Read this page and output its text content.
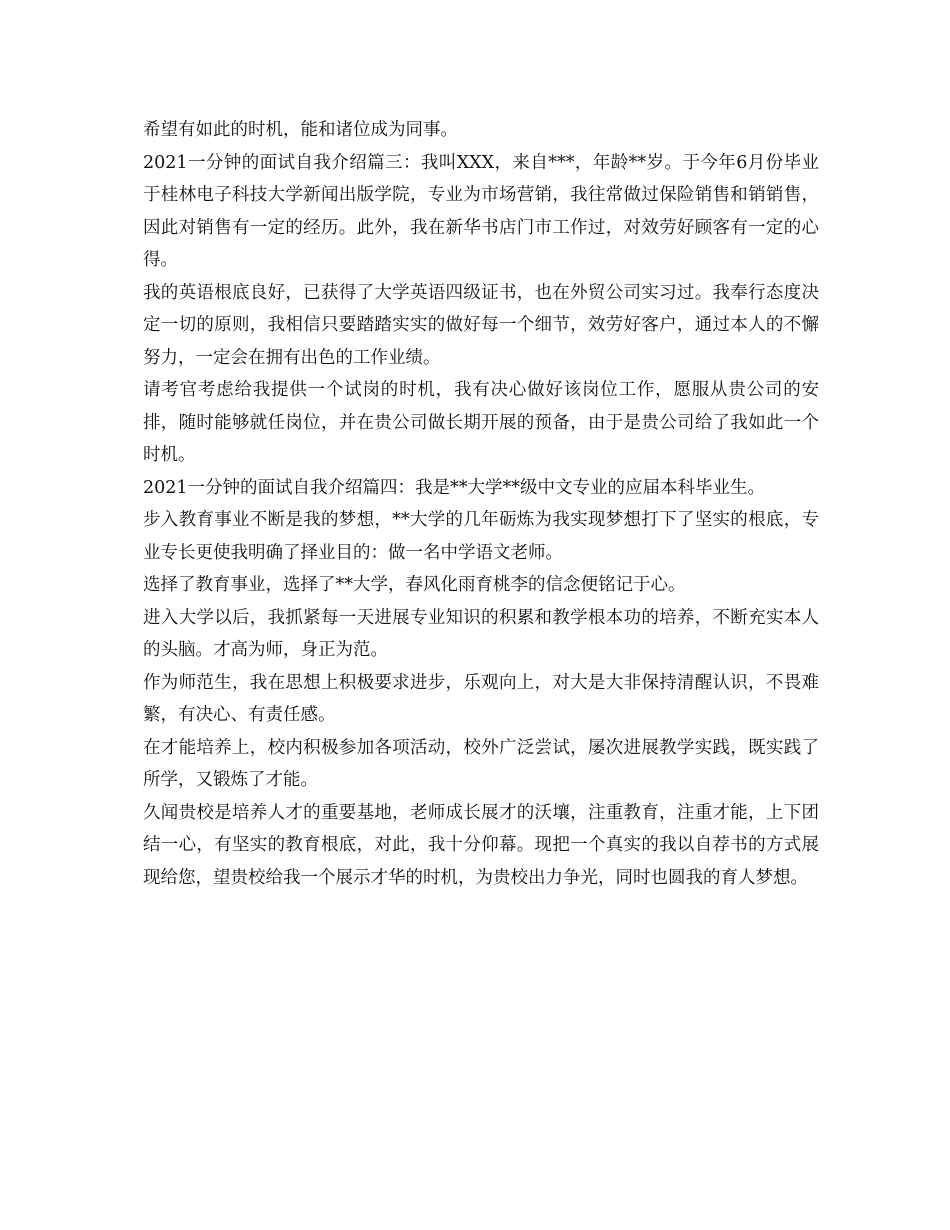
希望有如此的时机，能和诸位成为同事。

2021一分钟的面试自我介绍篇三：我叫XXX，来自***，年龄**岁。于今年6月份毕业于桂林电子科技大学新闻出版学院，专业为市场营销，我往常做过保险销售和销销售，因此对销售有一定的经历。此外，我在新华书店门市工作过，对效劳好顾客有一定的心得。

我的英语根底良好，已获得了大学英语四级证书，也在外贸公司实习过。我奉行态度决定一切的原则，我相信只要踏踏实实的做好每一个细节，效劳好客户，通过本人的不懈努力，一定会在拥有出色的工作业绩。

请考官考虑给我提供一个试岗的时机，我有决心做好该岗位工作，愿服从贵公司的安排，随时能够就任岗位，并在贵公司做长期开展的预备，由于是贵公司给了我如此一个时机。

2021一分钟的面试自我介绍篇四：我是**大学**级中文专业的应届本科毕业生。

步入教育事业不断是我的梦想，**大学的几年砺炼为我实现梦想打下了坚实的根底，专业专长更使我明确了择业目的：做一名中学语文老师。

选择了教育事业，选择了**大学，春风化雨育桃李的信念便铭记于心。

进入大学以后，我抓紧每一天进展专业知识的积累和教学根本功的培养，不断充实本人的头脑。才高为师，身正为范。

作为师范生，我在思想上积极要求进步，乐观向上，对大是大非保持清醒认识，不畏难繁，有决心、有责任感。

在才能培养上，校内积极参加各项活动，校外广泛尝试，屡次进展教学实践，既实践了所学，又锻炼了才能。

久闻贵校是培养人才的重要基地，老师成长展才的沃壤，注重教育，注重才能，上下团结一心，有坚实的教育根底，对此，我十分仰幕。现把一个真实的我以自荐书的方式展现给您，望贵校给我一个展示才华的时机，为贵校出力争光，同时也圆我的育人梦想。
